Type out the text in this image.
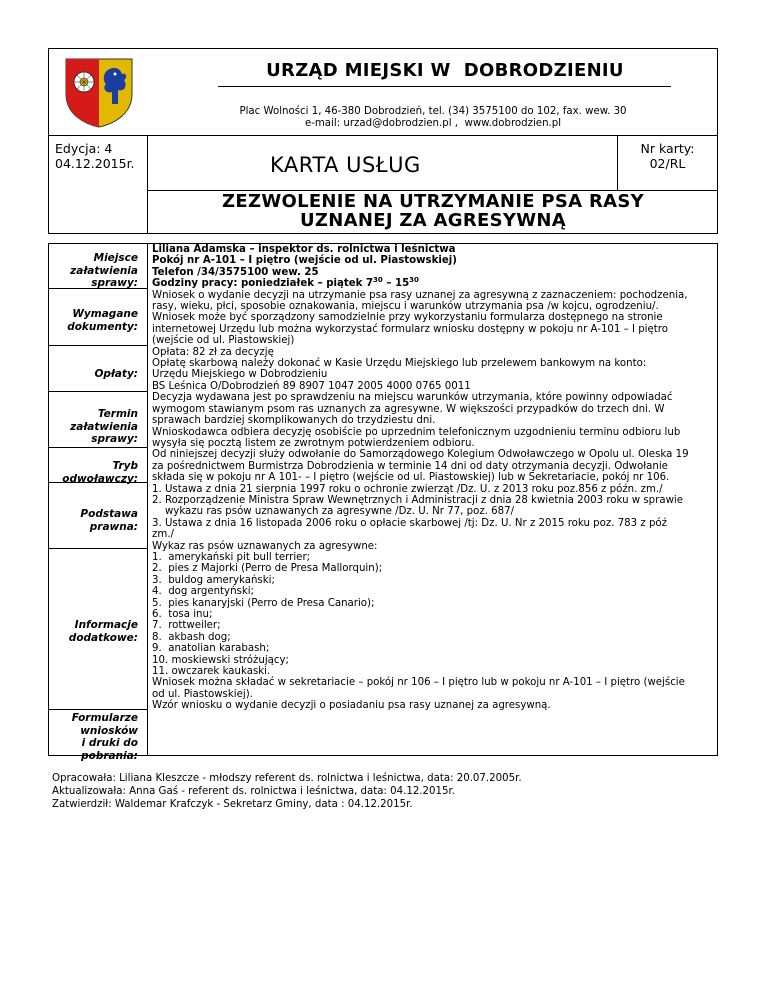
URZĄD MIEJSKI W  DOBRODZIENIU
Plac Wolności 1, 46-380 Dobrodzień, tel. (34) 3575100 do 102, fax. wew. 30
e-mail: urzad@dobrodzien.pl ,  www.dobrodzien.pl
Edycja: 4
04.12.2015r.	KARTA USŁUG
Nr karty:
02/RL
ZEZWOLENIE NA UTRZYMANIE PSA RASY
UZNANEJ ZA AGRESYWNĄ
Miejsce
załatwienia
sprawy:
Wymagane
dokumenty:
Opłaty:
Termin
załatwienia
sprawy:
Tryb
odwoławczy:
Podstawa
prawna:
Informacje
dodatkowe:
Formularze
wniosków
i druki do
pobrania:
Liliana Adamska – inspektor ds. rolnictwa i leśnictwa
Pokój nr A-101 – I piętro (wejście od ul. Piastowskiej)
Telefon /34/3575100 wew. 25
Godziny pracy: poniedziałek – piątek $7^{30} - 15^{30}$
Wniosek o wydanie decyzji na utrzymanie psa rasy uznanej za agresywną z zaznaczeniem: pochodzenia,
rasy, wieku, płci, sposobie oznakowania, miejscu i warunków utrzymania psa /w kojcu, ogrodzeniu/.
Wniosek może być sporządzony samodzielnie przy wykorzystaniu formularza dostępnego na stronie
internetowej Urzędu lub można wykorzystać formularz wniosku dostępny w pokoju nr A-101 – I piętro
(wejście od ul. Piastowskiej)
Opłata: 82 zł za decyzję
Opłatę skarbową należy dokonać w Kasie Urzędu Miejskiego lub przelewem bankowym na konto:
Urzędu Miejskiego w Dobrodzieniu
BS Leśnica O/Dobrodzień 89 8907 1047 2005 4000 0765 0011
Decyzja wydawana jest po sprawdzeniu na miejscu warunków utrzymania, które powinny odpowiadać
wymogom stawianym psom ras uznanych za agresywne. W większości przypadków do trzech dni. W
sprawach bardziej skomplikowanych do trzydziestu dni.
Wnioskodawca odbiera decyzję osobiście po uprzednim telefonicznym uzgodnieniu terminu odbioru lub
wysyła się pocztą listem ze zwrotnym potwierdzeniem odbioru.
Od niniejszej decyzji służy odwołanie do Samorządowego Kolegium Odwoławczego w Opolu ul. Oleska 19
za pośrednictwem Burmistrza Dobrodzienia w terminie 14 dni od daty otrzymania decyzji. Odwołanie
składa się w pokoju nr A 101- – I piętro (wejście od ul. Piastowskiej) lub w Sekretariacie, pokój nr 106.
1. Ustawa z dnia 21 sierpnia 1997 roku o ochronie zwierząt /Dz. U. z 2013 roku poz.856 z późn. zm./
2. Rozporządzenie Ministra Spraw Wewnętrznych i Administracji z dnia 28 kwietnia 2003 roku w sprawie
wykazu ras psów uznawanych za agresywne /Dz. U. Nr 77, poz. 687/
3. Ustawa z dnia 16 listopada 2006 roku o opłacie skarbowej /tj: Dz. U. Nr z 2015 roku poz. 783 z póź
zm./
Wykaz ras psów uznawanych za agresywne:
1.  amerykański pit bull terrier;
2.  pies z Majorki (Perro de Presa Mallorquin);
3.  buldog amerykański;
4.  dog argentyński;
5.  pies kanaryjski (Perro de Presa Canario);
6.  tosa inu;
7.  rottweiler;
8.  akbash dog;
9.  anatolian karabash;
10. moskiewski stróżujący;
11. owczarek kaukaski.
Wniosek można składać w sekretariacie – pokój nr 106 – I piętro lub w pokoju nr A-101 – I piętro (wejście
od ul. Piastowskiej).
Wzór wniosku o wydanie decyzji o posiadaniu psa rasy uznanej za agresywną.
Opracowała: Liliana Kleszcze - młodszy referent ds. rolnictwa i leśnictwa, data: 20.07.2005r.
Aktualizowała: Anna Gaś - referent ds. rolnictwa i leśnictwa, data: 04.12.2015r.
Zatwierdził: Waldemar Krafczyk - Sekretarz Gminy, data : 04.12.2015r.
